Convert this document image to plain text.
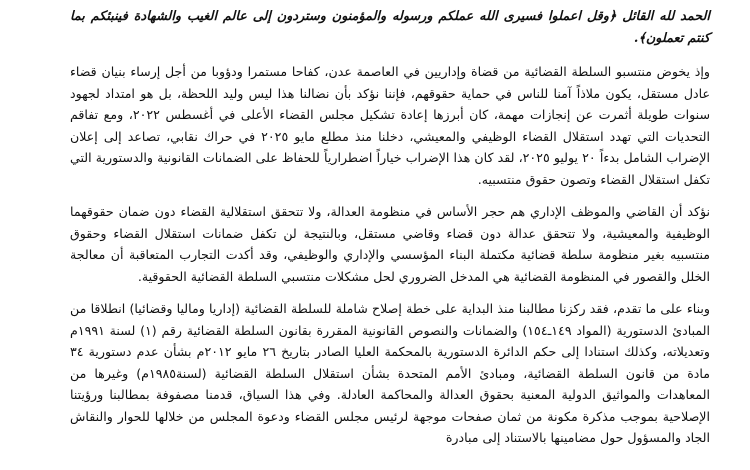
الحمد لله القائل ﴿وقل اعملوا فسيرى الله عملكم ورسوله والمؤمنون وستردون إلى عالم الغيب والشهادة فينبئكم بما كنتم تعملون﴾.

وإذ يخوض منتسبو السلطة القضائية من قضاة وإداريين في العاصمة عدن، كفاحا مستمرا ودؤوبا من أجل إرساء بنيان قضاء عادل مستقل، يكون ملاذاً آمنا للناس في حماية حقوقهم، فإننا نؤكد بأن نضالنا هذا ليس وليد اللحظة، بل هو امتداد لجهود سنوات طويلة أثمرت عن إنجازات مهمة، كان أبرزها إعادة تشكيل مجلس القضاء الأعلى في أغسطس ٢٠٢٢، ومع تفاقم التحديات التي تهدد استقلال القضاء الوظيفي والمعيشي، دخلنا منذ مطلع مايو ٢٠٢٥ في حراك نقابي، تصاعد إلى إعلان الإضراب الشامل بدءاً ٢٠ يوليو ٢٠٢٥، لقد كان هذا الإضراب خياراً اضطرارياً للحفاظ على الضمانات القانونية والدستورية التي تكفل استقلال القضاء وتصون حقوق منتسبيه.

نؤكد أن القاضي والموظف الإداري هم حجر الأساس في منظومة العدالة، ولا تتحقق استقلالية القضاء دون ضمان حقوقهما الوظيفية والمعيشية، ولا تتحقق عدالة دون قضاء وقاضي مستقل، وبالنتيجة لن تكفل ضمانات استقلال القضاء وحقوق منتسبيه بغير منظومة سلطة قضائية مكتملة البناء المؤسسي والإداري والوظيفي، وقد أكدت التجارب المتعاقبة أن معالجة الخلل والقصور في المنظومة القضائية هي المدخل الضروري لحل مشكلات منتسبي السلطة القضائية الحقوقية.

وبناء على ما تقدم، فقد ركزنا مطالبنا منذ البداية على خطة إصلاح شاملة للسلطة القضائية (إداريا وماليا وقضائيا) انطلاقا من المبادئ الدستورية (المواد ١٤٩ـ١٥٤) والضمانات والنصوص القانونية المقررة بقانون السلطة القضائية رقم (١) لسنة ١٩٩١م وتعديلاته، وكذلك استنادا إلى حكم الدائرة الدستورية بالمحكمة العليا الصادر بتاريخ ٢٦ مايو ٢٠١٢م بشأن عدم دستورية ٣٤ مادة من قانون السلطة القضائية، ومبادئ الأمم المتحدة بشأن استقلال السلطة القضائية (لسنة١٩٨٥م) وغيرها من المعاهدات والمواثيق الدولية المعنية بحقوق العدالة والمحاكمة العادلة. وفي هذا السياق، قدمنا مصفوفة بمطالبنا ورؤيتنا الإصلاحية بموجب مذكرة مكونة من ثمان صفحات موجهة لرئيس مجلس القضاء ودعوة المجلس من خلالها للحوار والنقاش الجاد والمسؤول حول مضامينها بالاستناد إلى مبادرة
